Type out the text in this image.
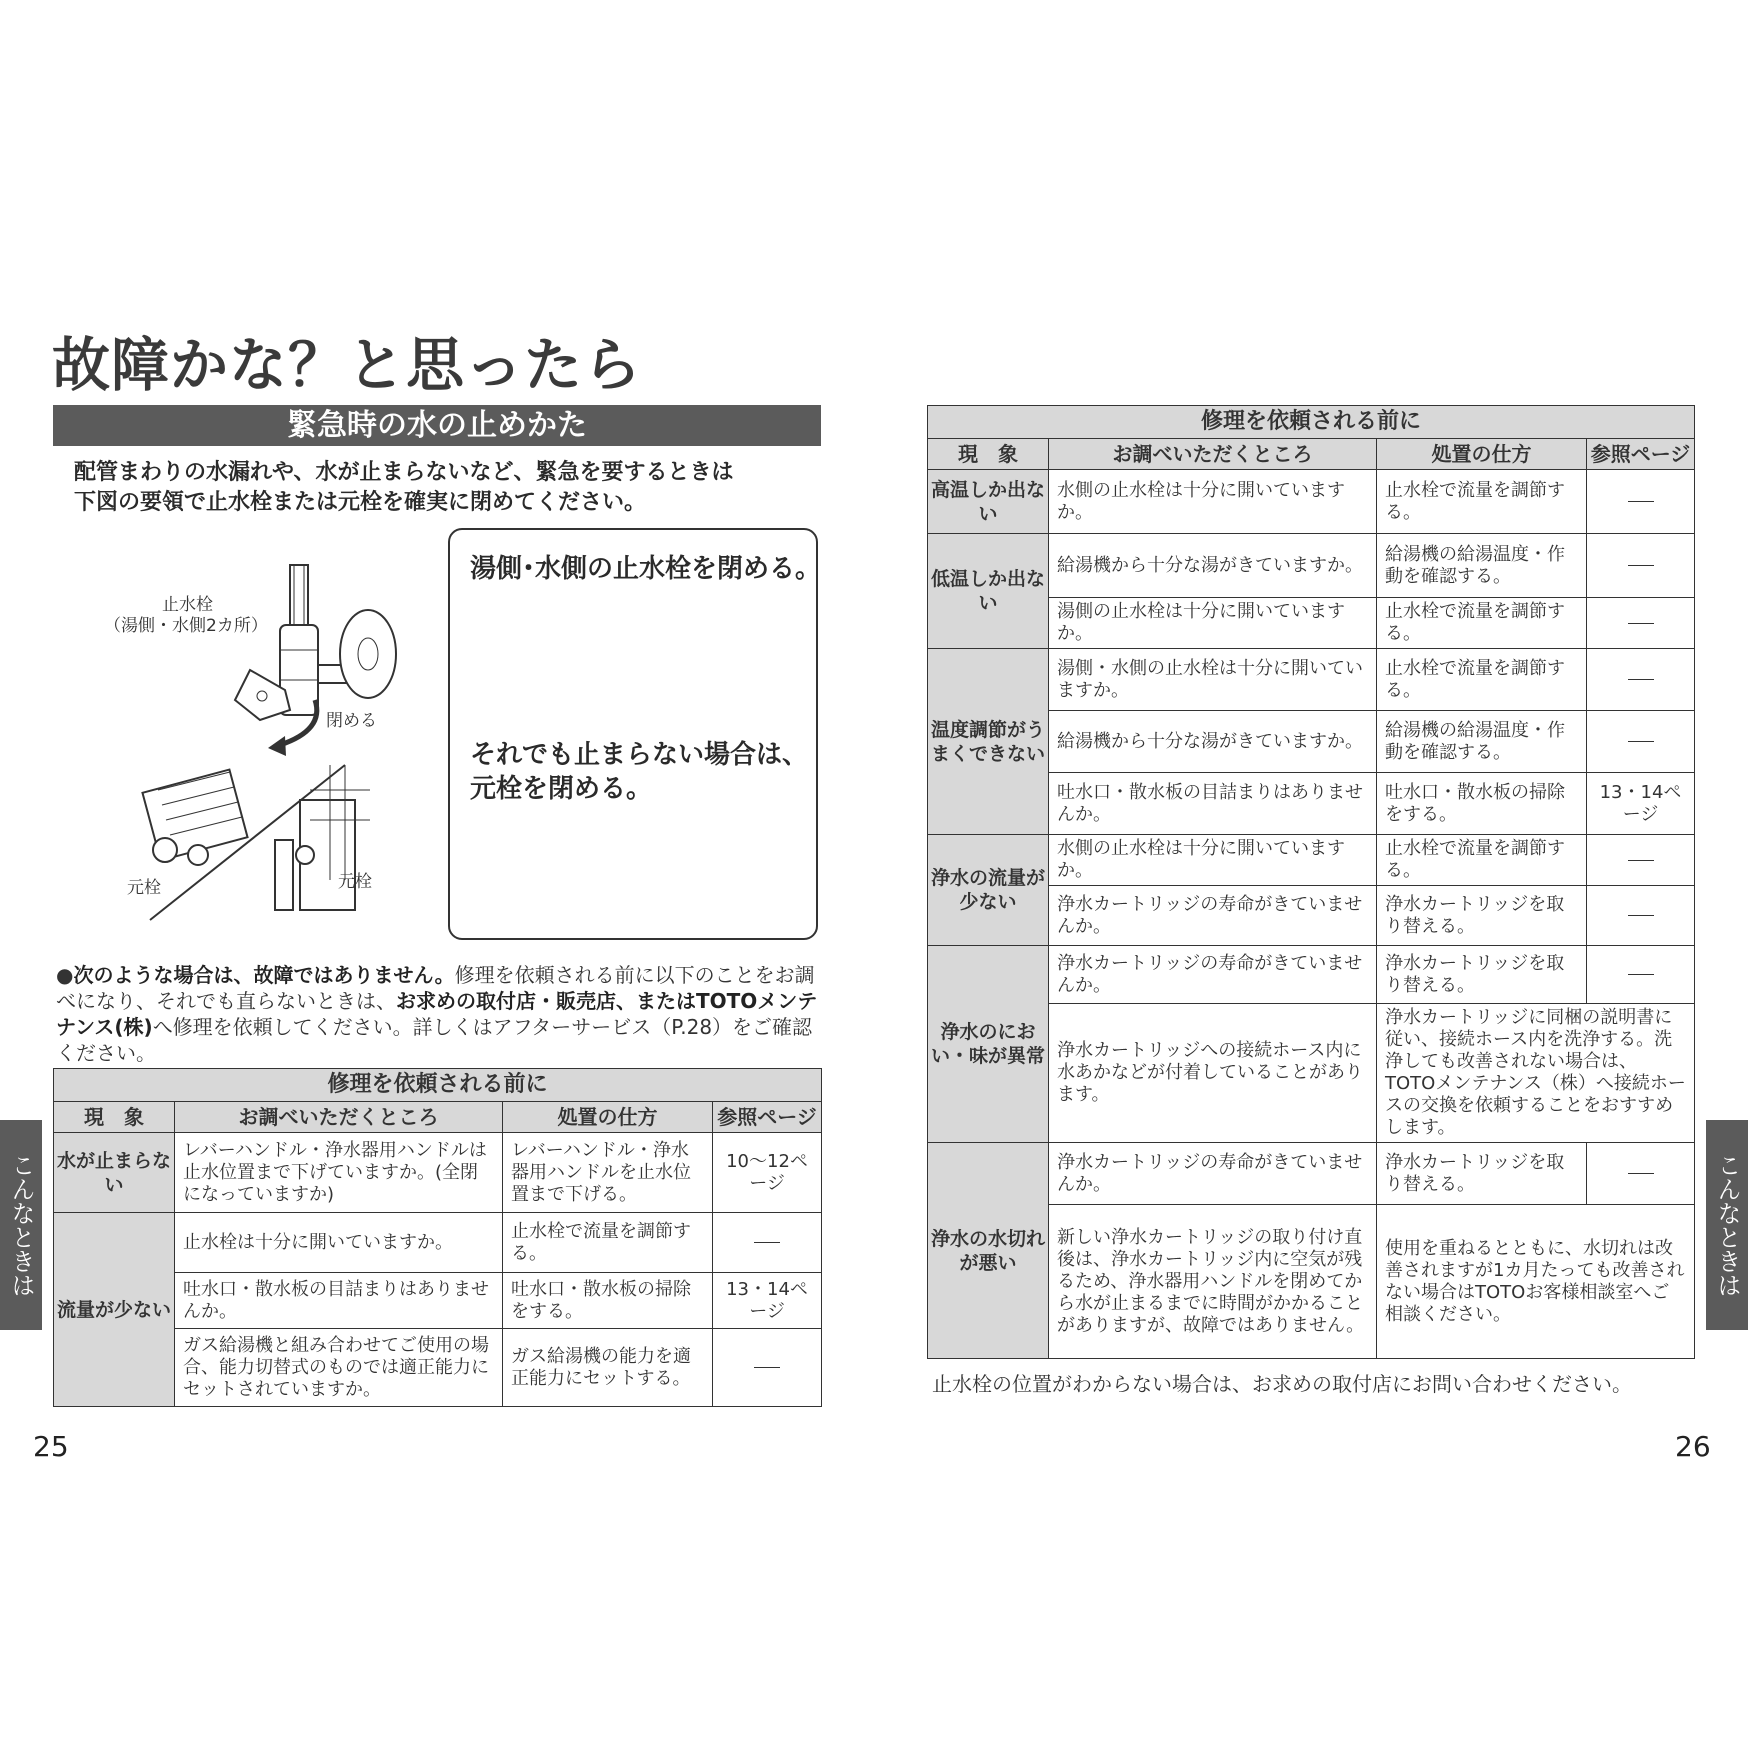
故障かな？と思ったら
緊急時の水の止めかた
配管まわりの水漏れや、水が止まらないなど、緊急を要するときは
下図の要領で止水栓または元栓を確実に閉めてください。
止水栓
（湯側・水側2カ所）
閉める
元栓	元栓
湯側･水側の止水栓を閉める。
それでも止まらない場合は、
元栓を閉める。
●次のような場合は、故障ではありません。修理を依頼される前に以下のことをお調べになり、それでも直らないときは、お求めの取付店・販売店、またはTOTOメンテナンス(株)へ修理を依頼してください。詳しくはアフターサービス（P.28）をご確認ください。
修理を依頼される前に			
現　象	お調べいただくところ	処置の仕方	参照ページ
水が止まらない	レバーハンドル・浄水器用ハンドルは止水位置まで下げていますか。(全閉になっていますか)	レバーハンドル・浄水器用ハンドルを止水位置まで下げる。	10〜12ページ
流量が少ない	止水栓は十分に開いていますか。	止水栓で流量を調節する。	
	吐水口・散水板の目詰まりはありませんか。	吐水口・散水板の掃除をする。	13・14ページ
	ガス給湯機と組み合わせてご使用の場合、能力切替式のものでは適正能力にセットされていますか。	ガス給湯機の能力を適正能力にセットする。	
修理を依頼される前に			
現　象	お調べいただくところ	処置の仕方	参照ページ
高温しか出ない	水側の止水栓は十分に開いていますか。	止水栓で流量を調節する。	
低温しか出ない	給湯機から十分な湯がきていますか。	給湯機の給湯温度・作動を確認する。	
	湯側の止水栓は十分に開いていますか。	止水栓で流量を調節する。	
温度調節がうまくできない	湯側・水側の止水栓は十分に開いていますか。	止水栓で流量を調節する。	
	給湯機から十分な湯がきていますか。	給湯機の給湯温度・作動を確認する。	
	吐水口・散水板の目詰まりはありませんか。	吐水口・散水板の掃除をする。	13・14ページ
浄水の流量が少ない	水側の止水栓は十分に開いていますか。	止水栓で流量を調節する。	
	浄水カートリッジの寿命がきていませんか。	浄水カートリッジを取り替える。	
浄水のにおい・味が異常	浄水カートリッジの寿命がきていませんか。	浄水カートリッジを取り替える。	
	浄水カートリッジへの接続ホース内に水あかなどが付着していることがあります。	浄水カートリッジに同梱の説明書に従い、接続ホース内を洗浄する。洗浄しても改善されない場合は、TOTOメンテナンス（株）へ接続ホースの交換を依頼することをおすすめします。	
浄水の水切れが悪い	浄水カートリッジの寿命がきていませんか。	浄水カートリッジを取り替える。	
	新しい浄水カートリッジの取り付け直後は、浄水カートリッジ内に空気が残るため、浄水器用ハンドルを閉めてから水が止まるまでに時間がかかることがありますが、故障ではありません。	使用を重ねるとともに、水切れは改善されますが1カ月たっても改善されない場合はTOTOお客様相談室へご相談ください。	
止水栓の位置がわからない場合は、お求めの取付店にお問い合わせください。
25	26
こんなときは	こんなときは
